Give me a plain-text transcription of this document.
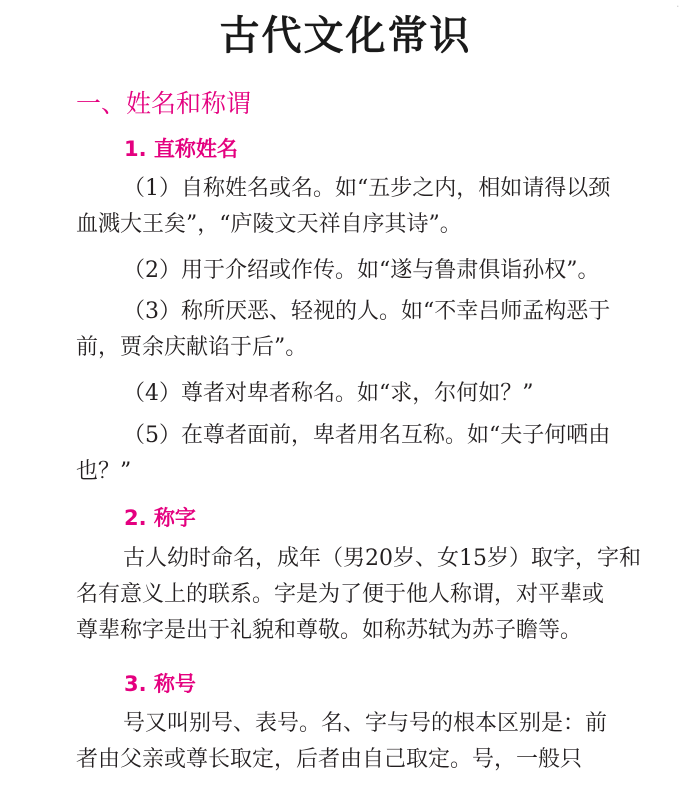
·
古代文化常识
一、姓名和称谓
1. 直称姓名
（1）自称姓名或名。如“五步之内，相如请得以颈
血溅大王矣”，“庐陵文天祥自序其诗”。
（2）用于介绍或作传。如“遂与鲁肃俱诣孙权”。
（3）称所厌恶、轻视的人。如“不幸吕师孟构恶于
前，贾余庆献谄于后”。
（4）尊者对卑者称名。如“求，尔何如？”
（5）在尊者面前，卑者用名互称。如“夫子何哂由
也？”
2. 称字
古人幼时命名，成年（男20岁、女15岁）取字，字和
名有意义上的联系。字是为了便于他人称谓，对平辈或
尊辈称字是出于礼貌和尊敬。如称苏轼为苏子瞻等。
3. 称号
号又叫别号、表号。名、字与号的根本区别是：前
者由父亲或尊长取定，后者由自己取定。号，一般只
